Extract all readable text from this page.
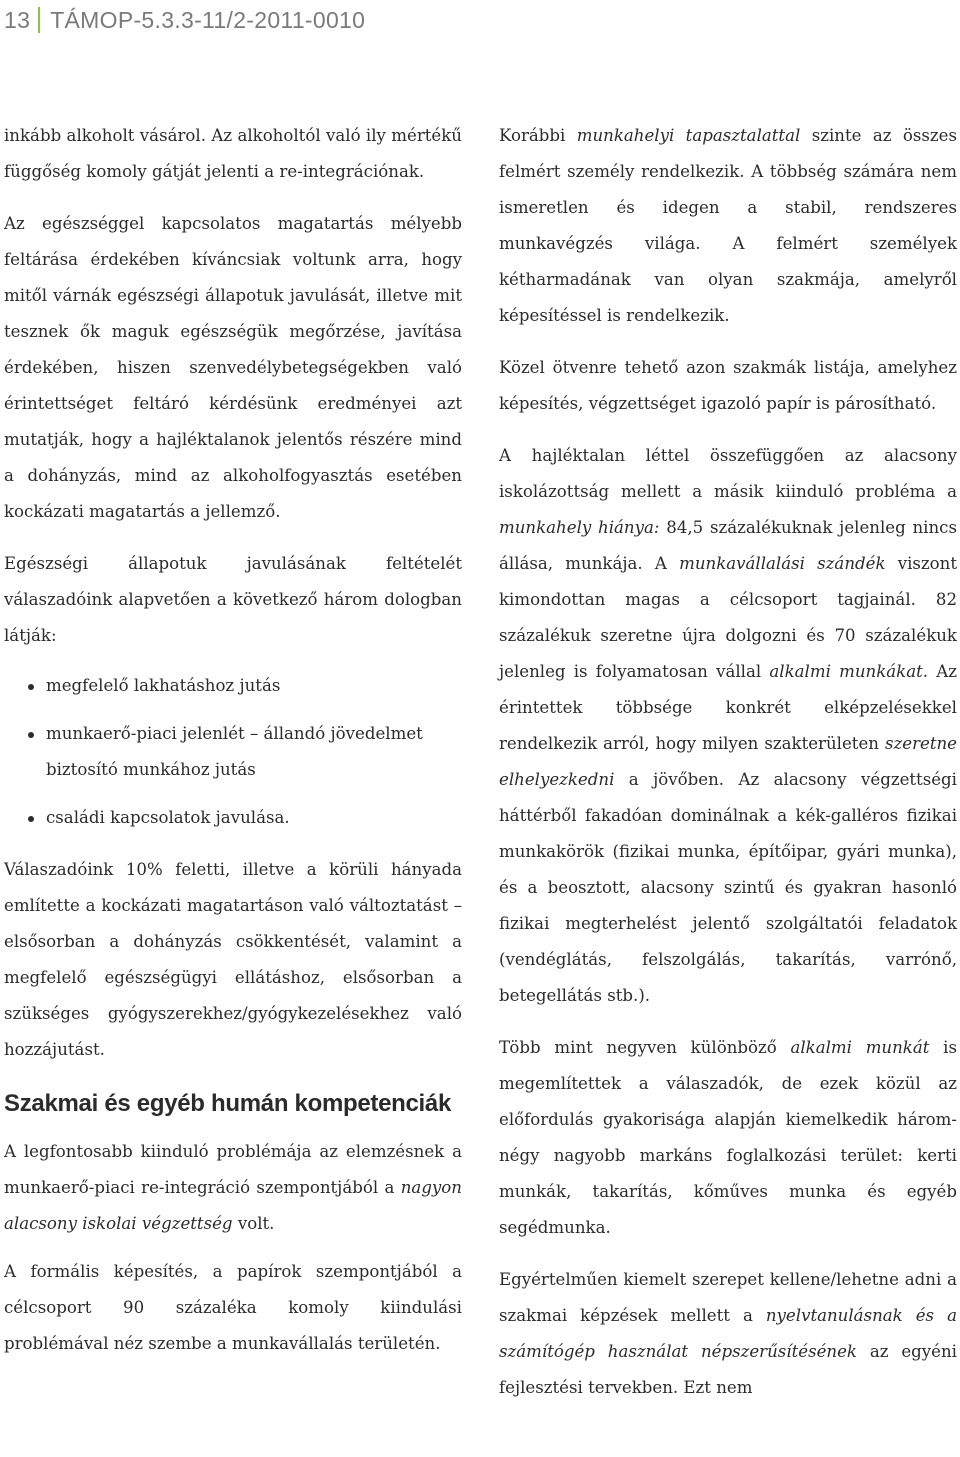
13 TÁMOP-5.3.3-11/2-2011-0010

inkább alkoholt vásárol. Az alkoholtól való ily mértékű függőség komoly gátját jelenti a re-integrációnak.

Az egészséggel kapcsolatos magatartás mélyebb feltárása érdekében kíváncsiak voltunk arra, hogy mitől várnák egészségi állapotuk javulását, illetve mit tesznek ők maguk egészségük megőrzése, javítása érdekében, hiszen szenvedélybetegségekben való érintettséget feltáró kérdésünk eredményei azt mutatják, hogy a hajléktalanok jelentős részére mind a dohányzás, mind az alkoholfogyasztás esetében kockázati magatartás a jellemző.

Egészségi állapotuk javulásának feltételét válaszadóink alapvetően a következő három dologban látják:

megfelelő lakhatáshoz jutás
munkaerő-piaci jelenlét – állandó jövedelmet biztosító munkához jutás
családi kapcsolatok javulása.

Válaszadóink 10% feletti, illetve a körüli hányada említette a kockázati magatartáson való változtatást – elsősorban a dohányzás csökkentését, valamint a megfelelő egészségügyi ellátáshoz, elsősorban a szükséges gyógyszerekhez/gyógykezelésekhez való hozzájutást.

Szakmai és egyéb humán kompetenciák

A legfontosabb kiinduló problémája az elemzésnek a munkaerő-piaci re-integráció szempontjából a nagyon alacsony iskolai végzettség volt.

A formális képesítés, a papírok szempontjából a célcsoport 90 százaléka komoly kiindulási problémával néz szembe a munkavállalás területén.

Korábbi munkahelyi tapasztalattal szinte az összes felmért személy rendelkezik. A többség számára nem ismeretlen és idegen a stabil, rendszeres munkavégzés világa. A felmért személyek kétharmadának van olyan szakmája, amelyről képesítéssel is rendelkezik.

Közel ötvenre tehető azon szakmák listája, amelyhez képesítés, végzettséget igazoló papír is párosítható.

A hajléktalan léttel összefüggően az alacsony iskolázottság mellett a másik kiinduló probléma a munkahely hiánya: 84,5 százalékuknak jelenleg nincs állása, munkája. A munkavállalási szándék viszont kimondottan magas a célcsoport tagjainál. 82 százalékuk szeretne újra dolgozni és 70 százalékuk jelenleg is folyamatosan vállal alkalmi munkákat. Az érintettek többsége konkrét elképzelésekkel rendelkezik arról, hogy milyen szakterületen szeretne elhelyezkedni a jövőben. Az alacsony végzettségi háttérből fakadóan dominálnak a kék-galléros fizikai munkakörök (fizikai munka, építőipar, gyári munka), és a beosztott, alacsony szintű és gyakran hasonló fizikai megterhelést jelentő szolgáltatói feladatok (vendéglátás, felszolgálás, takarítás, varrónő, betegellátás stb.).

Több mint negyven különböző alkalmi munkát is megemlítettek a válaszadók, de ezek közül az előfordulás gyakorisága alapján kiemelkedik három-négy nagyobb markáns foglalkozási terület: kerti munkák, takarítás, kőműves munka és egyéb segédmunka.

Egyértelműen kiemelt szerepet kellene/lehetne adni a szakmai képzések mellett a nyelvtanulásnak és a számítógép használat népszerűsítésének az egyéni fejlesztési tervekben. Ezt nem
